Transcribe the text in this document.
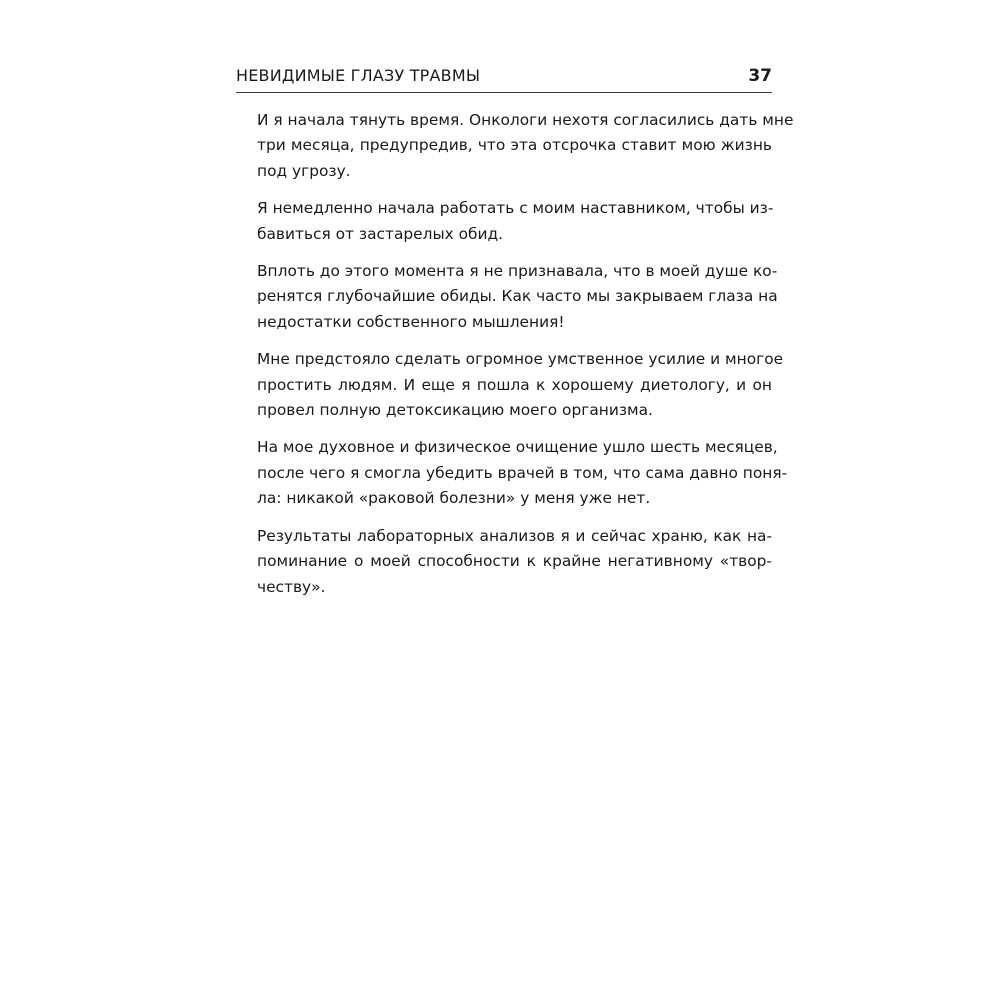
НЕВИДИМЫЕ ГЛАЗУ ТРАВМЫ	37

И я начала тянуть время. Онкологи нехотя согласились дать мне
три месяца, предупредив, что эта отсрочка ставит мою жизнь
под угрозу.

Я немедленно начала работать с моим наставником, чтобы из-
бавиться от застарелых обид.

Вплоть до этого момента я не признавала, что в моей душе ко-
ренятся глубочайшие обиды. Как часто мы закрываем глаза на
недостатки собственного мышления!

Мне предстояло сделать огромное умственное усилие и многое
простить людям. И еще я пошла к хорошему диетологу, и он
провел полную детоксикацию моего организма.

На мое духовное и физическое очищение ушло шесть месяцев,
после чего я смогла убедить врачей в том, что сама давно поня-
ла: никакой «раковой болезни» у меня уже нет.

Результаты лабораторных анализов я и сейчас храню, как на-
поминание о моей способности к крайне негативному «твор-
честву».
